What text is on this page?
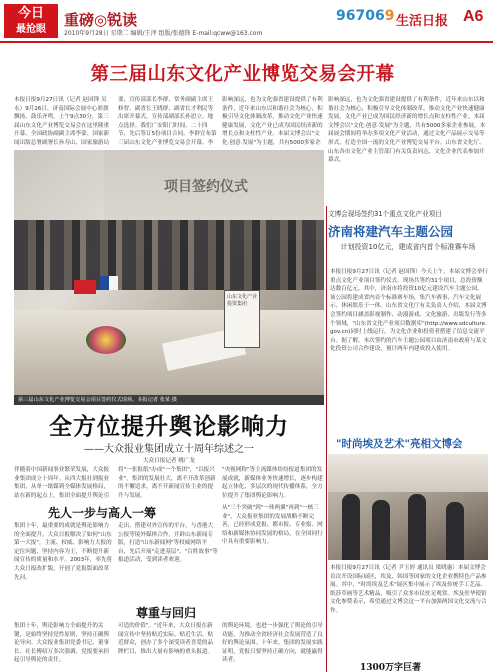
今日
最抢眼
重磅◎锐读
2010年9月28日 星期二 编辑/王泽 组版/张德锋 E-mail:qcww@163.com
967069 生活日报 A6
第三届山东文化产业博览交易会开幕
本报日报9月27日讯（记者 赵国锋 吴永）9月26日，济南国际会展中心彩旗飘扬，鼓乐齐鸣，上午9点30分，第三届山东文化产业博览交易会在这里隆重开幕。全国政协副副主席李蒙、国家新闻出版总署副署长孙寿山、国家旅游局
要，宣传部部长李群、常务副副主席王修智、副省长王晓群、副省长才利民等出席开幕式，宣传部副部长孙思立、地点选择。我们广安阳门时间，二十四节，先后签订5份项目合同。李群宣布第三届山东文化产业博览交易会开幕。李
影响深远，也为文化强省建设提供了有利条件，近年来山东以和谐社会为核心，积极引导文化体制改革，推动文化产业快速健康发展，文化产业已成为国民经济新的增长点和支柱性产业。本届文博会以"文化·创意·发展"为主题，共有5000多家企
影响深远，也为文化强省建设提供了有利条件，近年来山东以和谐社会为核心，积极引导文化体制改革，推动文化产业快速健康发展，文化产业已成为国民经济新的增长点和支柱性产业。本届文博会以"文化·创意·发展"为主题，共有5000多家企业参展，本届展会期间将举办多项文化产业活动，通过文化产品展示交易等形式，打造全国一流的文化产业博览交易平台。山东省文化厅、山东各市文化产业主管部门有关负责同志，文化企业代表参加开幕式。
项目签约仪式
山东文化产业投资集团
第三届山东文化产业博览交易会项目签约仪式现场。本报记者 张某 摄
全方位提升舆论影响力
——大众报业集团成立十周年综述之一
大众日报记者 姚广龙
伴随着中国新闻事业繁荣发展，大众报业集团成立十周年。从四大报社到报业集团，从单一纸媒到全媒体发展格局，站在新的起点上，集团全面提升舆论引
将"一张报纸"办成"一个集团"，"以报兴业"，集团的发展壮大，离不开改革创新的不懈追求，离不开新闻宣传主业的提升与发展。
"央视网称"等主流媒体纷纷报道集团的发展成就，新媒体业务快速增长，逐步构建起立体化、多层次的现代传播体系，全方位提升了集团舆论影响力。
先人一步与高人一筹
集团十年，最重要的成就是舆论影响力的全面提升。大众日报解决了如何"山东第一大报"，主流、权威、影响力大报的定位问题，坚持内容为王，不断提升新闻宣传的质量和水平。2003年，率先将大众日报改扩版，开创了党报版面改革先河。
走出，搭建对外宣传的平台，与香港大公报等境外媒体合作，开辟山东新闻专版，打造"山东新闻网"等权威网络平台，先后开展"走进基层"、"百姓故事"等报道活动，受到读者欢迎。
从"三个突破"到"一体两翼"再到"一核三业"，大众报业集团的发展战略不断完善，已经形成党报、都市报、专业报、网络和新媒体协同发展的格局，在全国同行中具有重要影响力。
尊重与回归
集团十年，舆论影响力全面提升的关键，是始终坚持党性原则，坚持正确舆论导向。大众报业集团党委书记、董事长、社长傅绍万多次强调，党报要承担起引导舆论的责任。
可造的价值"。"近年来，大众日报在新闻宣传中坚持贴近实际、贴近生活、贴近群众，创办了多个深受读者喜爱的品牌栏目，推出大量有影响的重头报道。
的舆论环境，也进一步强化了舆论的引导功能，为推动全省经济社会发展营造了良好的舆论氛围。十年来，集团的发展实践证明，党报只要坚持正确方向，就能赢得读者。
文博会现场签约31个重点文化产业项目
济南将建汽车主题公园
计划投资10亿元，建成省内首个标准赛车场
本报日报9月27日讯（记者 赵国锋）今天上午，本届文博会举行重点文化产业项目签约仪式，现场共签约31个项目，总投资额达数百亿元。其中，济南市将投资10亿元建设汽车主题公园。该公园将建成省内首个标准赛车场，集汽车赛事、汽车文化展示、休闲娱乐于一体。山东省文化厅有关负责人介绍，本届文博会签约项目涵盖影视制作、动漫游戏、文化旅游、出版发行等多个领域，"山东省文化产业项目数据库"(http://www.sdculture.gov.cn)同时上线运行，为文化企业和投资者搭建了信息交流平台。据了解，本次签约的汽车主题公园项目由济南市政府与某文化投资公司合作建设，预计两年内建成投入使用。
"时尚埃及艺术"亮相文博会
本报日报9月27日讯（记者 尹玉婷 通讯员 梁晓惠）本届文博会首次开设国际展区，埃及、韩国等国家的文化企业携特色产品参展。其中，"时尚埃及艺术"展区集中展示了埃及传统手工艺品、纸莎草画等艺术精品，吸引了众多市民驻足观赏。埃及驻华使馆文化参赞表示，希望通过文博会这一平台加强两国文化交流与合作。
1300万字巨著
